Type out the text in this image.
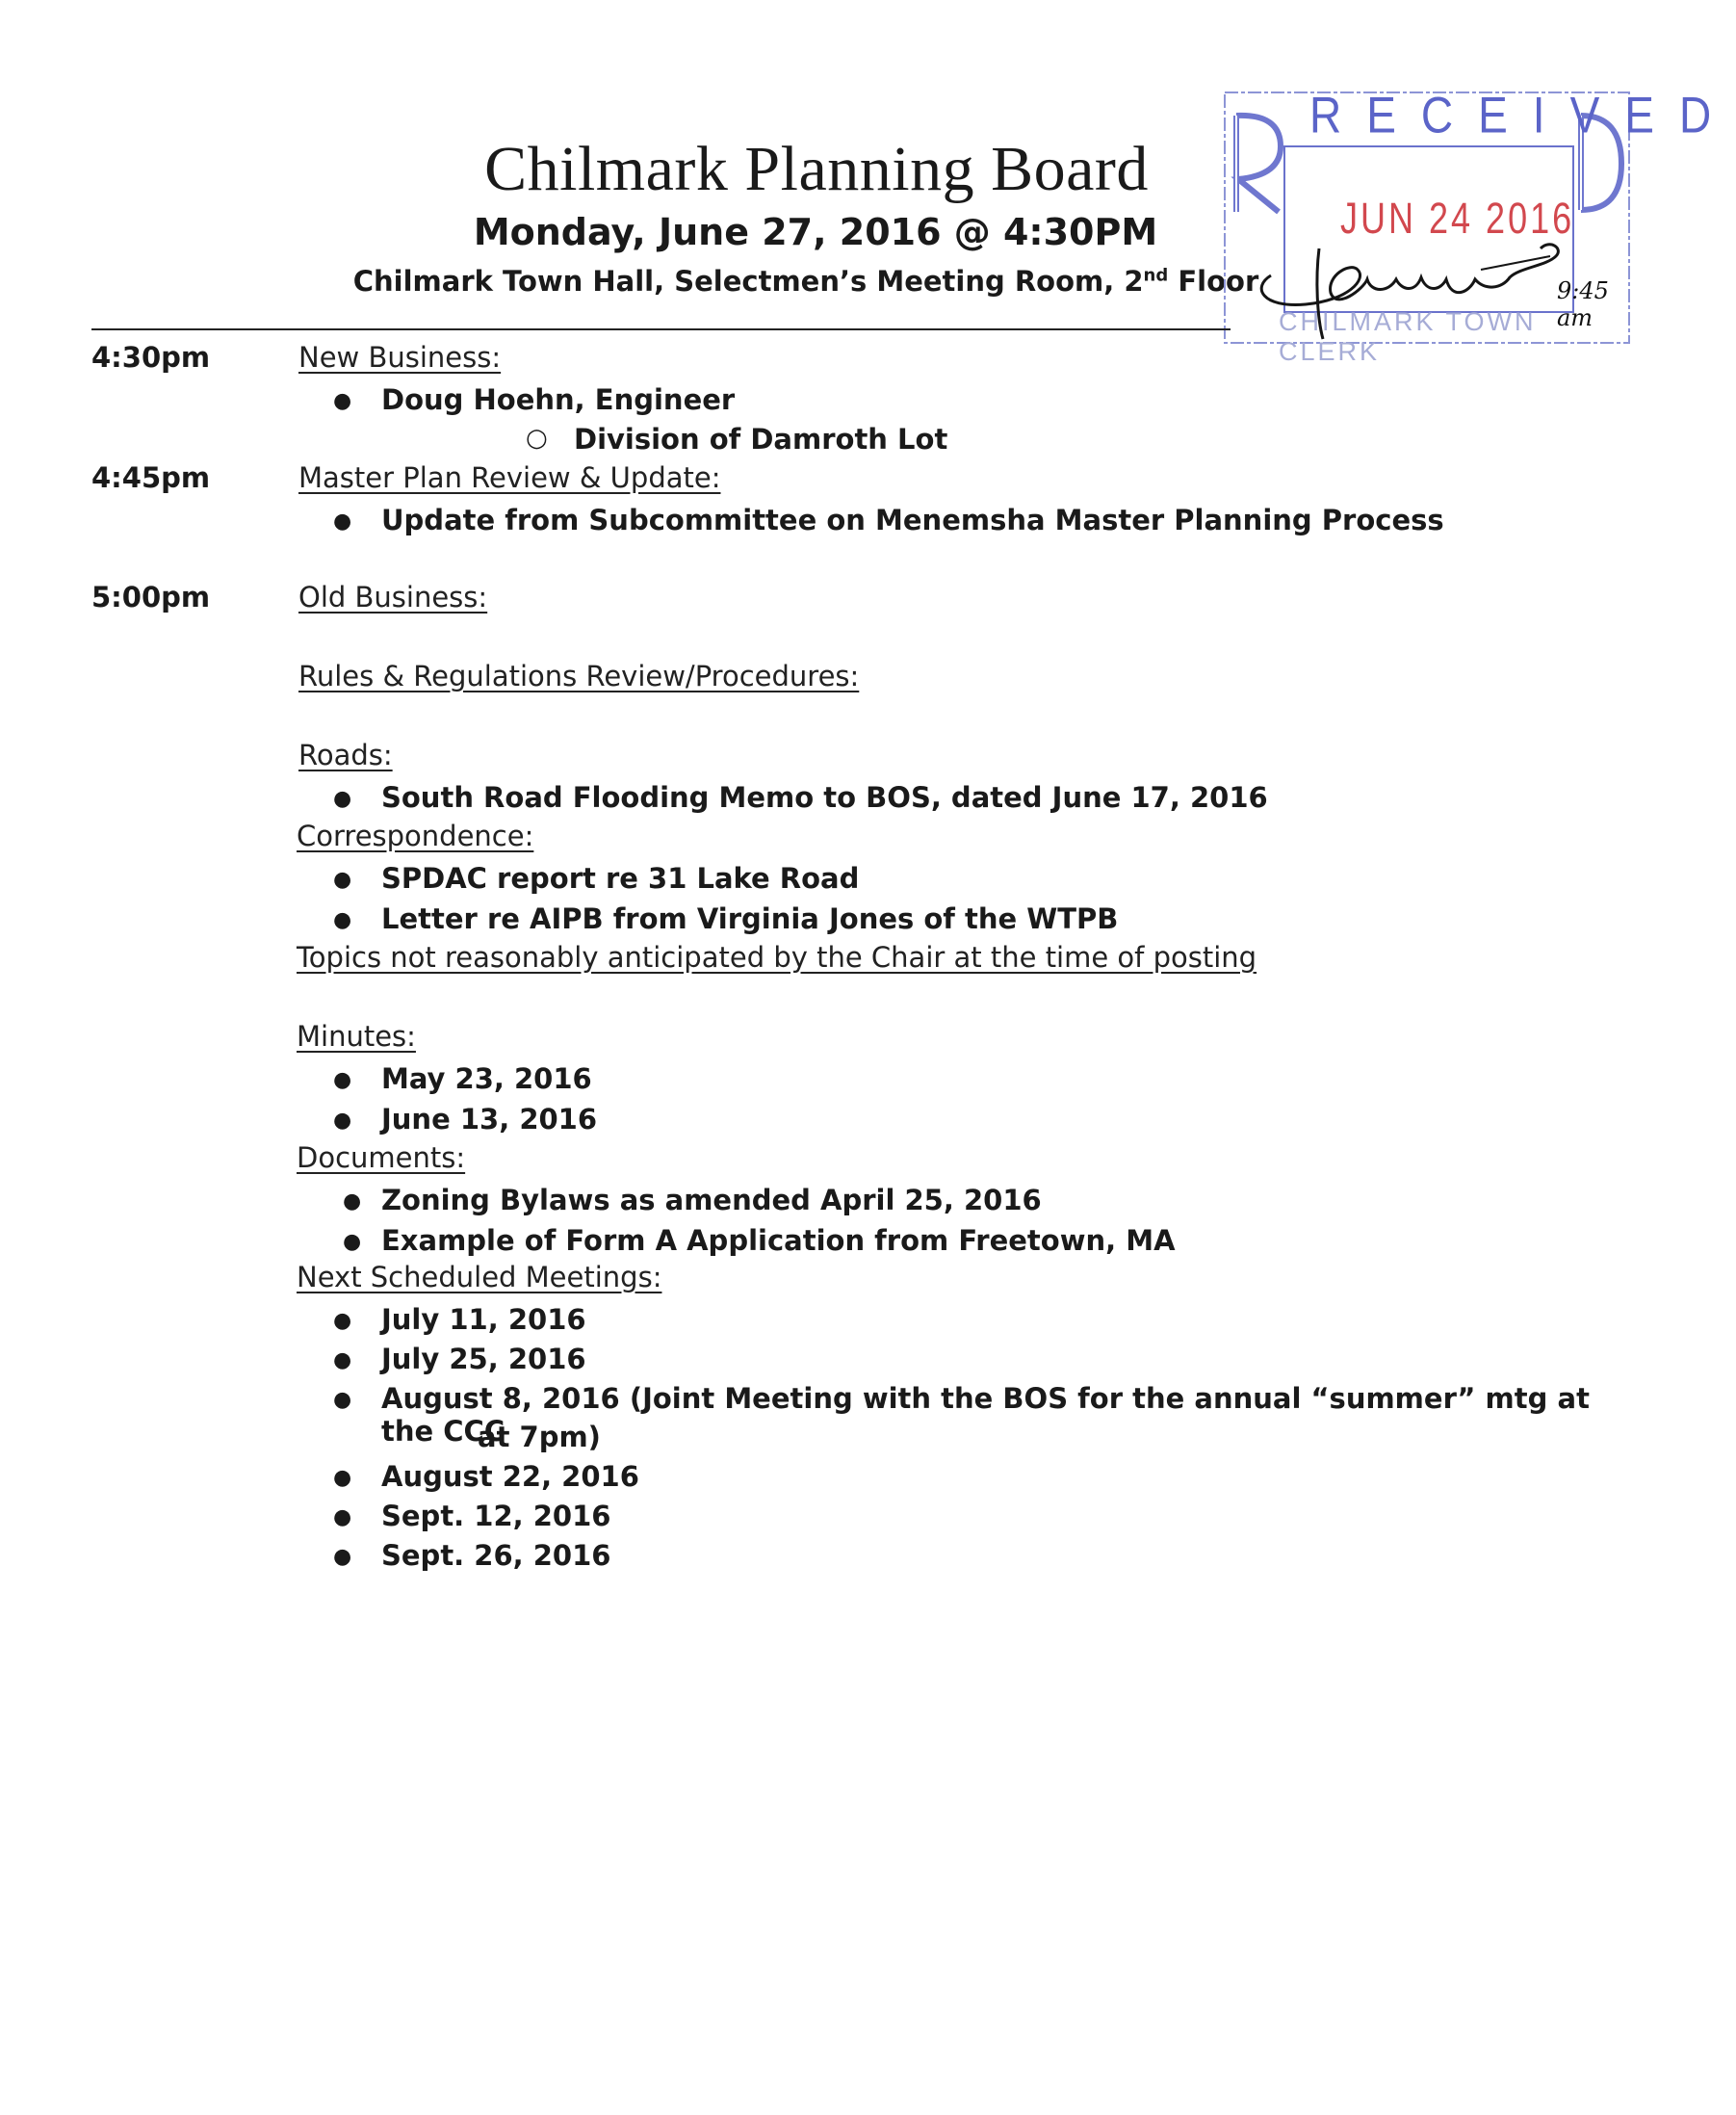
Chilmark Planning Board
Monday, June 27, 2016 @ 4:30PM
Chilmark Town Hall, Selectmen’s Meeting Room, 2nd Floor
RECEIVED
JUN 24 2016
CHILMARK TOWN CLERK
9:45 am
4:30pm	New Business:
● Doug Hoehn, Engineer
○ Division of Damroth Lot
4:45pm	Master Plan Review & Update:
● Update from Subcommittee on Menemsha Master Planning Process
5:00pm	Old Business:
Rules & Regulations Review/Procedures:
Roads:
● South Road Flooding Memo to BOS, dated June 17, 2016
Correspondence:
● SPDAC report re 31 Lake Road
● Letter re AIPB from Virginia Jones of the WTPB
Topics not reasonably anticipated by the Chair at the time of posting
Minutes:
● May 23, 2016
● June 13, 2016
Documents:
● Zoning Bylaws as amended April 25, 2016
● Example of Form A Application from Freetown, MA
Next Scheduled Meetings:
● July 11, 2016
● July 25, 2016
● August 8, 2016 (Joint Meeting with the BOS for the annual “summer” mtg at the CCC
at 7pm)
● August 22, 2016
● Sept. 12, 2016
● Sept. 26, 2016
